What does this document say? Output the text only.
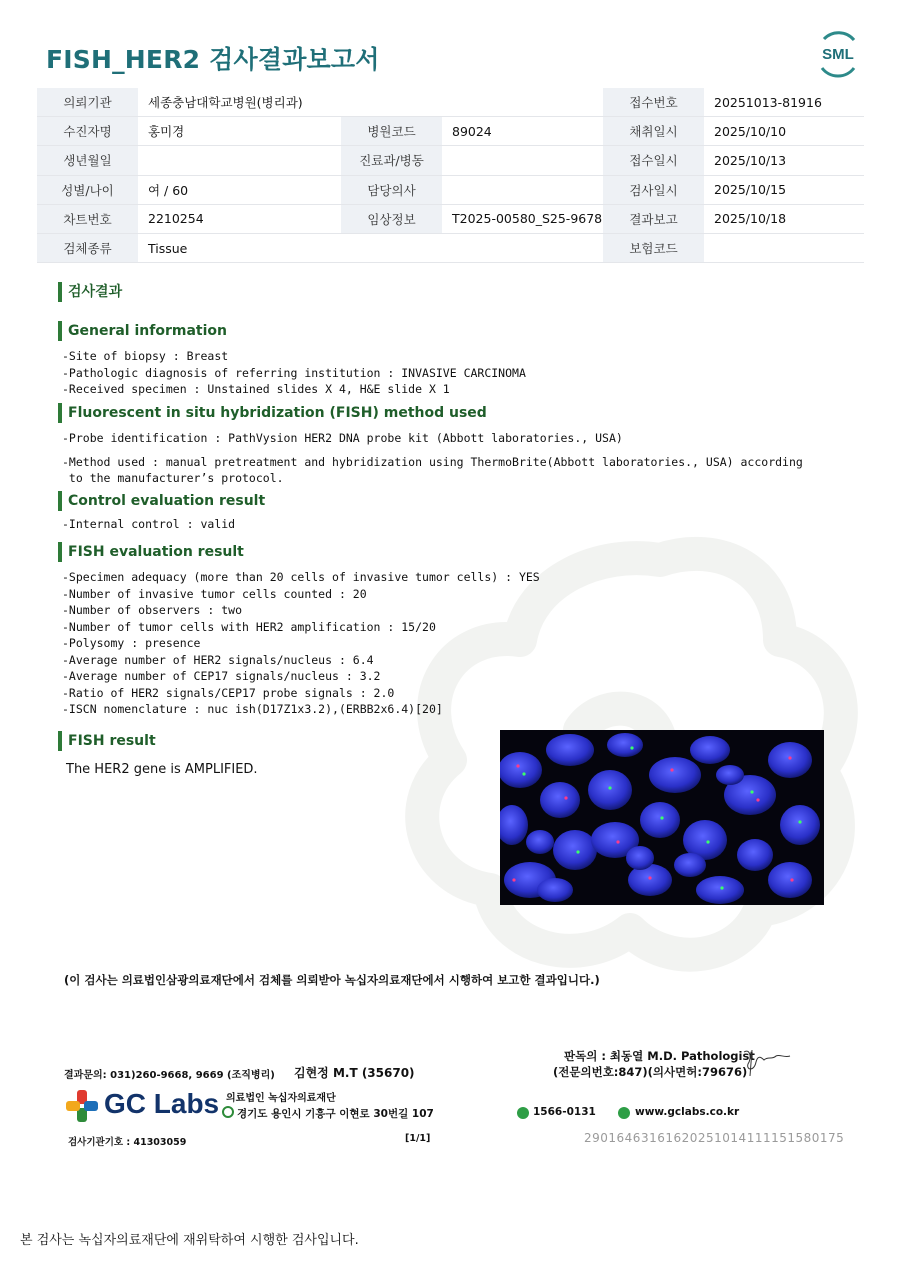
FISH_HER2 검사결과보고서	SML
의뢰기관	세종충남대학교병원(병리과)			접수번호	20251013-81916
수진자명	홍미경	병원코드	89024	채취일시	2025/10/10
생년월일		진료과/병동		접수일시	2025/10/13
성별/나이	여 / 60	담당의사		검사일시	2025/10/15
차트번호	2210254	임상정보	T2025-00580_S25-9678	결과보고	2025/10/18
검체종류	Tissue			보험코드	
검사결과
General information
-Site of biopsy : Breast
-Pathologic diagnosis of referring institution : INVASIVE CARCINOMA
-Received specimen : Unstained slides X 4, H&E slide X 1
Fluorescent in situ hybridization (FISH) method used
-Probe identification : PathVysion HER2 DNA probe kit (Abbott laboratories., USA)
-Method used : manual pretreatment and hybridization using ThermoBrite(Abbott laboratories., USA) according
to the manufacturer’s protocol.
Control evaluation result
-Internal control : valid
FISH evaluation result
-Specimen adequacy (more than 20 cells of invasive tumor cells) : YES
-Number of invasive tumor cells counted : 20
-Number of observers : two
-Number of tumor cells with HER2 amplification : 15/20
-Polysomy : presence
-Average number of HER2 signals/nucleus : 6.4
-Average number of CEP17 signals/nucleus : 3.2
-Ratio of HER2 signals/CEP17 probe signals : 2.0
-ISCN nomenclature : nuc ish(D17Z1x3.2),(ERBB2x6.4)[20]
FISH result
The HER2 gene is AMPLIFIED.
(이 검사는 의료법인삼광의료재단에서 검체를 의뢰받아 녹십자의료재단에서 시행하여 보고한 결과입니다.)
결과문의: 031)260-9668, 9669 (조직병리) 김현정 M.T (35670)
판독의 : 최동열 M.D. Pathologist
(전문의번호:847)(의사면허:79676)
GC Labs 의료법인 녹십자의료재단
경기도 용인시 기흥구 이현로 30번길 107	1566-0131	www.gclabs.co.kr
검사기관기호 : 41303059	[1/1]	29016463161620251014111151580175
본 검사는 녹십자의료재단에 재위탁하여 시행한 검사입니다.
